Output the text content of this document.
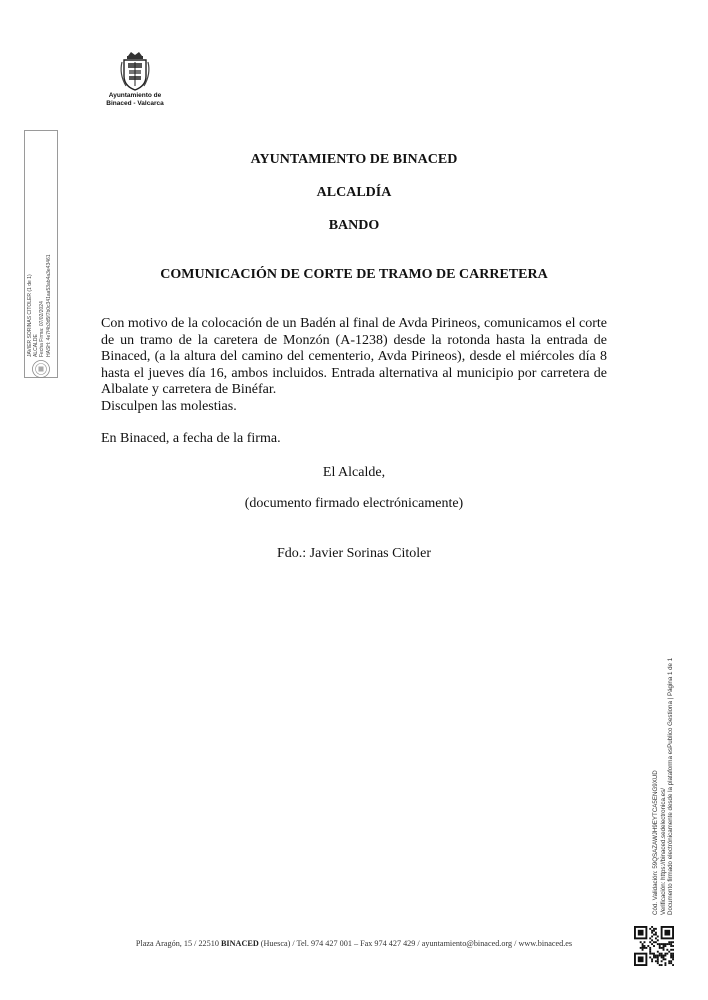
Ayuntamiento de
Binaced - Valcarca
JAVIER SORINAS CITOLER (1 de 1) ALCALDE Fecha Firma: 07/02/2024 HASH: 4e7f4b3d5f7b0c341aa53ab4a3e43461
AYUNTAMIENTO DE BINACED
ALCALDÍA
BANDO
COMUNICACIÓN DE CORTE DE TRAMO DE CARRETERA

Con motivo de la colocación de un Badén al final de Avda Pirineos, comunicamos el corte de un tramo de la caretera de Monzón (A-1238) desde la rotonda hasta la entrada de Binaced, (a la altura del camino del cementerio, Avda Pirineos), desde el miércoles día 8 hasta el jueves día 16, ambos incluidos. Entrada alternativa al municipio por carretera de Albalate y carretera de Binéfar.

Disculpen las molestias.

En Binaced, a fecha de la firma.
El Alcalde,
(documento firmado electrónicamente)
Fdo.: Javier Sorinas Citoler
Cód. Validación: 59QSAZAWJH9EYTCA5ENG9XUD Verificación: https://binaced.sedelectronica.es/ Documento firmado electrónicamente desde la plataforma esPublico Gestiona | Página 1 de 1
Plaza Aragón, 15 / 22510 BINACED (Huesca) / Tel. 974 427 001 – Fax 974 427 429 / ayuntamiento@binaced.org / www.binaced.es
